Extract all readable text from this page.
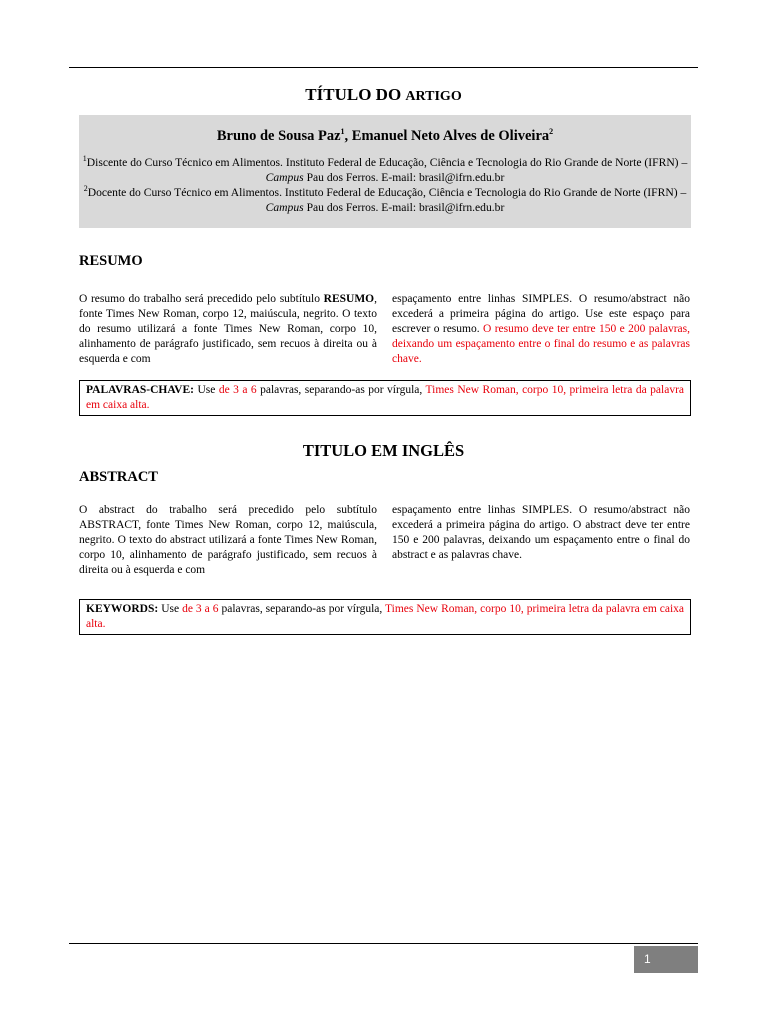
TÍTULO DO ARTIGO
Bruno de Sousa Paz$^1$, Emanuel Neto Alves de Oliveira$^2$
$^1$Discente do Curso Técnico em Alimentos. Instituto Federal de Educação, Ciência e Tecnologia do Rio Grande de Norte (IFRN) – Campus Pau dos Ferros. E-mail: brasil@ifrn.edu.br
$^2$Docente do Curso Técnico em Alimentos. Instituto Federal de Educação, Ciência e Tecnologia do Rio Grande de Norte (IFRN) – Campus Pau dos Ferros. E-mail: brasil@ifrn.edu.br
RESUMO
O resumo do trabalho será precedido pelo subtítulo RESUMO, fonte Times New Roman, corpo 12, maiúscula, negrito. O texto do resumo utilizará a fonte Times New Roman, corpo 10, alinhamento de parágrafo justificado, sem recuos à direita ou à esquerda e com
espaçamento entre linhas SIMPLES. O resumo/abstract não excederá a primeira página do artigo. Use este espaço para escrever o resumo. O resumo deve ter entre 150 e 200 palavras, deixando um espaçamento entre o final do resumo e as palavras chave.
PALAVRAS-CHAVE: Use de 3 a 6 palavras, separando-as por vírgula, Times New Roman, corpo 10, primeira letra da palavra em caixa alta.
TITULO EM INGLÊS
ABSTRACT
O abstract do trabalho será precedido pelo subtítulo ABSTRACT, fonte Times New Roman, corpo 12, maiúscula, negrito. O texto do abstract utilizará a fonte Times New Roman, corpo 10, alinhamento de parágrafo justificado, sem recuos à direita ou à esquerda e com
espaçamento entre linhas SIMPLES. O resumo/abstract não excederá a primeira página do artigo. O abstract deve ter entre 150 e 200 palavras, deixando um espaçamento entre o final do abstract e as palavras chave.
KEYWORDS: Use de 3 a 6 palavras, separando-as por vírgula, Times New Roman, corpo 10, primeira letra da palavra em caixa alta.
1
